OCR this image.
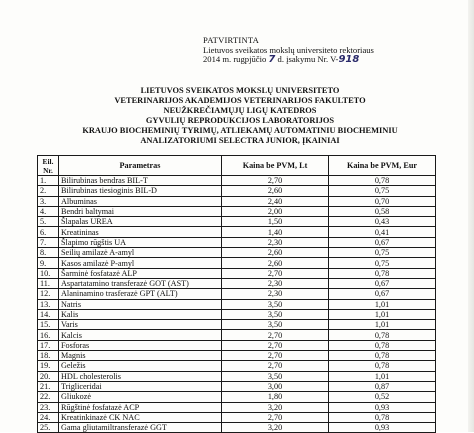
PATVIRTINTA
Lietuvos sveikatos mokslų universiteto rektoriaus
2014 m. rugpjūčio 7 d. įsakymu Nr. V-918
LIETUVOS SVEIKATOS MOKSLŲ UNIVERSITETO
VETERINARIJOS AKADEMIJOS VETERINARIJOS FAKULTETO
NEUŽKREČIAMŲJŲ LIGŲ KATEDROS
GYVULIŲ REPRODUKCIJOS LABORATORIJOS
KRAUJO BIOCHEMINIŲ TYRIMŲ, ATLIEKAMŲ AUTOMATINIU BIOCHEMINIU
ANALIZATORIUMI SELECTRA JUNIOR, ĮKAINIAI
Eil. Nr.	Parametras	Kaina be PVM, Lt	Kaina be PVM, Eur
1.	Bilirubinas bendras BIL-T	2,70	0,78
2.	Bilirubinas tiesioginis BIL-D	2,60	0,75
3.	Albuminas	2,40	0,70
4.	Bendri baltymai	2,00	0,58
5.	Šlapalas UREA	1,50	0,43
6.	Kreatininas	1,40	0,41
7.	Šlapimo rūgštis UA	2,30	0,67
8.	Seilių amilazė A-amyl	2,60	0,75
9.	Kasos amilazė P-amyl	2,60	0,75
10.	Šarminė fosfatazė ALP	2,70	0,78
11.	Aspartatamino transferazė GOT (AST)	2,30	0,67
12.	Alaninamino trasferazė GPT (ALT)	2,30	0,67
13.	Natris	3,50	1,01
14.	Kalis	3,50	1,01
15.	Varis	3,50	1,01
16.	Kalcis	2,70	0,78
17.	Fosforas	2,70	0,78
18.	Magnis	2,70	0,78
19.	Geležis	2,70	0,78
20.	HDL cholesterolis	3,50	1,01
21.	Trigliceridai	3,00	0,87
22.	Gliukozė	1,80	0,52
23.	Rūgštinė fosfatazė ACP	3,20	0,93
24.	Kreatinkinazė CK NAC	2,70	0,78
25.	Gama gliutamiltransferazė GGT	3,20	0,93
